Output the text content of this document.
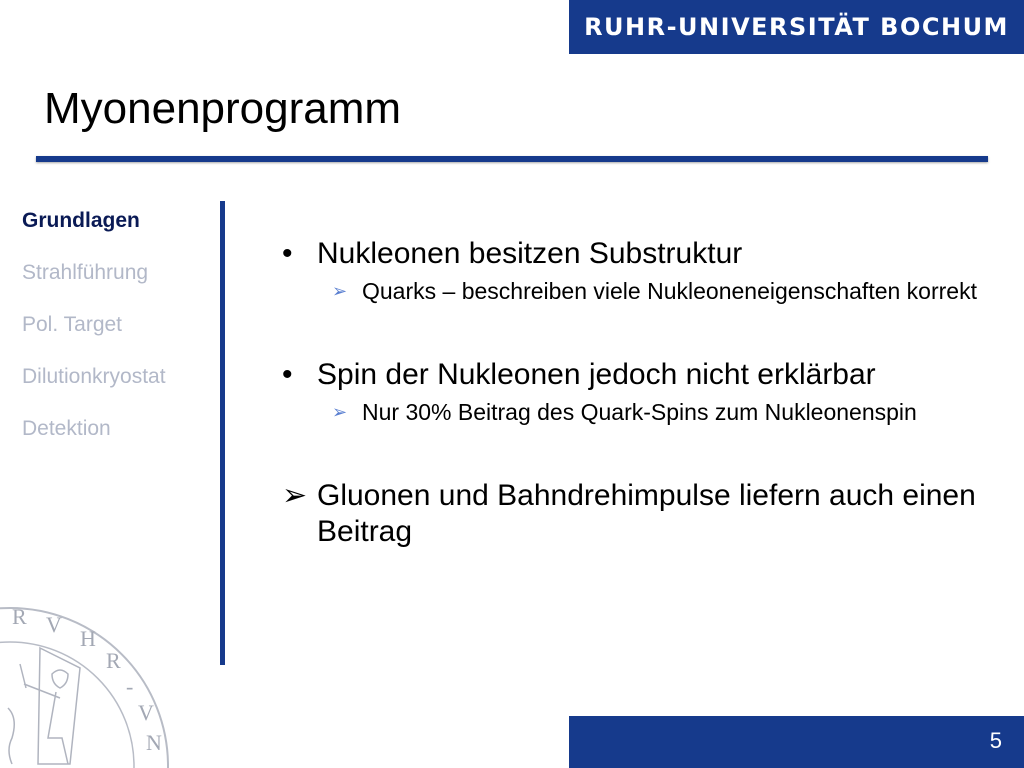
RUHR-UNIVERSITÄT BOCHUM
Myonenprogramm
Grundlagen
Strahlführung
Pol. Target
Dilutionkryostat
Detektion
• Nukleonen besitzen Substruktur
➢ Quarks – beschreiben viele Nukleoneneigenschaften korrekt
• Spin der Nukleonen jedoch nicht erklärbar
➢ Nur 30% Beitrag des Quark-Spins zum Nukleonenspin
➢ Gluonen und Bahndrehimpulse liefern auch einen Beitrag
R V
H
R
-
V
N	5
